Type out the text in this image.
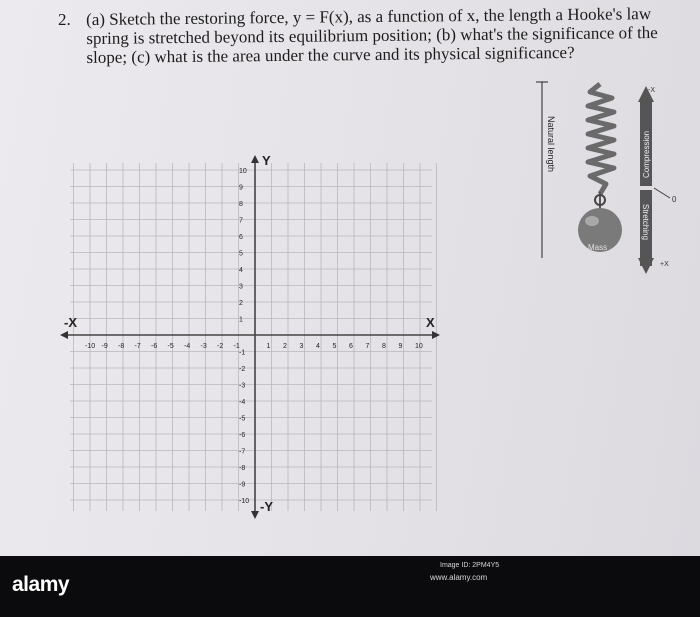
2. (a) Sketch the restoring force, y = F(x), as a function of x, the length a Hooke's law spring is stretched beyond its equilibrium position; (b) what's the significance of the slope; (c) what is the area under the curve and its physical significance?
-10 -9 -8 -7 -6 -5 -4 -3 -2 -1	1 2 3 4 5 6 7 8 9 10
10
9
8
7
6
5
4
3
2
1
-1
-2
-3
-4
-5
-6
-7
-8
-9
-10
-X	X
Y
-Y
Natural length
Mass
Compression
Stretching
-X
0
+X
alamy
Image ID: 2PM4Y5
www.alamy.com
